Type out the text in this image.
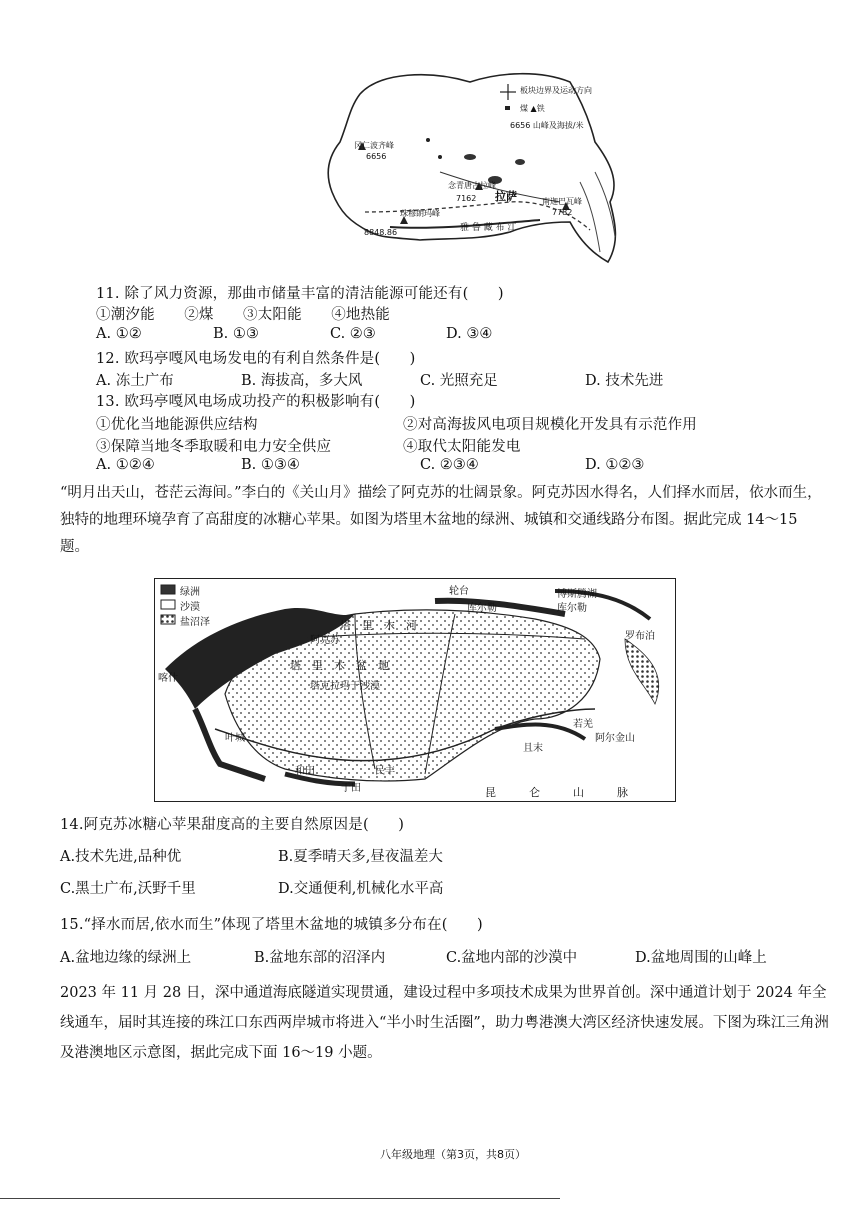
板块边界及运动方向
煤 ▲铁
6656 山峰及海拔/米
冈仁波齐峰
6656
念青唐古拉峰
7162 拉萨	南迦巴瓦峰
7782
珠穆朗玛峰
8848.86	雅 鲁 藏 布 江
11. 除了风力资源，那曲市储量丰富的清洁能源可能还有(　　)
①潮汐能　　②煤　　③太阳能　　④地热能
A. ①②	B. ①③	C. ②③	D. ③④
12. 欧玛亭嘎风电场发电的有利自然条件是(　　)
A. 冻土广布	B. 海拔高，多大风	C. 光照充足	D. 技术先进
13. 欧玛亭嘎风电场成功投产的积极影响有(　　)
①优化当地能源供应结构	②对高海拔风电项目规模化开发具有示范作用
③保障当地冬季取暖和电力安全供应	④取代太阳能发电
A. ①②④	B. ①③④	C. ②③④	D. ①②③
“明月出天山，苍茫云海间。”李白的《关山月》描绘了阿克苏的壮阔景象。阿克苏因水得名，人们择水而居，依水而生，独特的地理环境孕育了高甜度的冰糖心苹果。如图为塔里木盆地的绿洲、城镇和交通线路分布图。据此完成 14～15 题。
绿洲
沙漠
盐沼泽
轮台	博斯腾湖
库尔勒
库尔勒
阿克苏
喀什
叶城
和田	民丰
于田
且末
若羌
罗布泊
塔克拉玛干沙漠
塔　里　木　盆　地
塔　里　木　河
阿尔金山
昆　　　仑　　　山　　　脉
14.阿克苏冰糖心苹果甜度高的主要自然原因是(　　)
A.技术先进,品种优	B.夏季晴天多,昼夜温差大
C.黑土广布,沃野千里	D.交通便利,机械化水平高
15.“择水而居,依水而生”体现了塔里木盆地的城镇多分布在(　　)
A.盆地边缘的绿洲上	B.盆地东部的沼泽内	C.盆地内部的沙漠中	D.盆地周围的山峰上
2023 年 11 月 28 日，深中通道海底隧道实现贯通，建设过程中多项技术成果为世界首创。深中通道计划于 2024 年全线通车，届时其连接的珠江口东西两岸城市将进入“半小时生活圈”，助力粤港澳大湾区经济快速发展。下图为珠江三角洲及港澳地区示意图，据此完成下面 16～19 小题。
八年级地理（第3页，共8页）
